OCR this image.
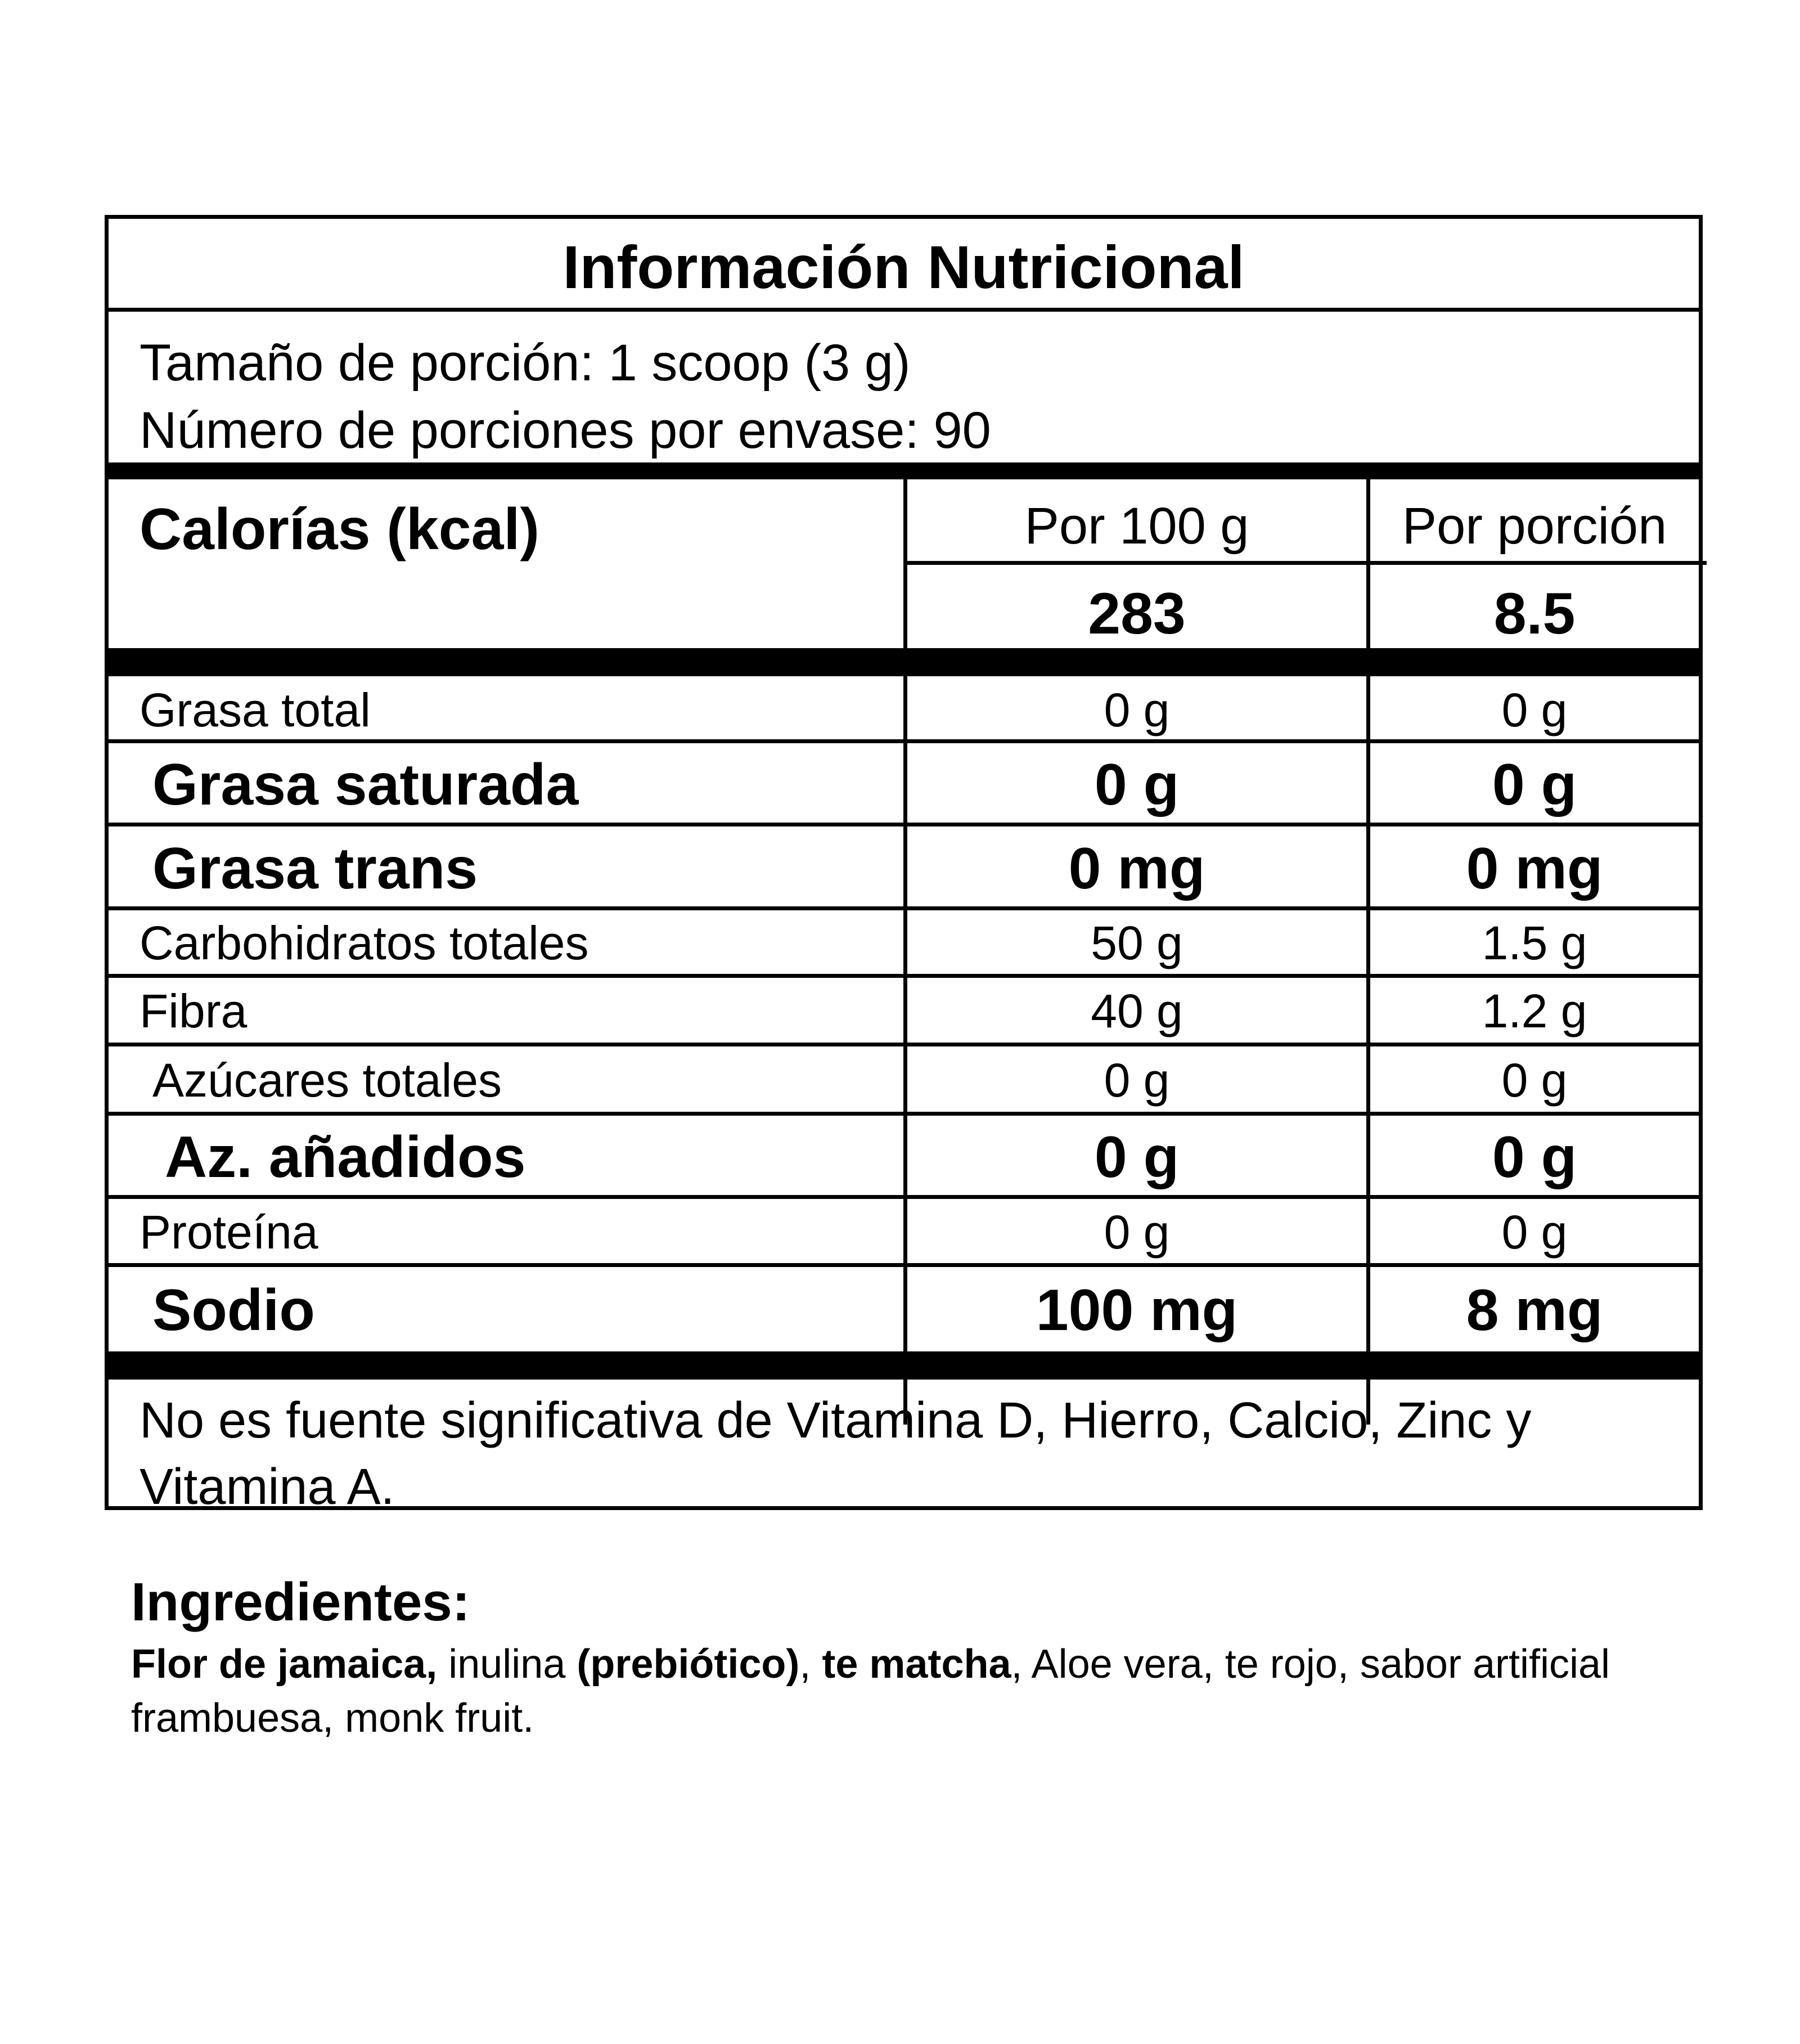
Información Nutricional
Tamaño de porción: 1 scoop (3 g)
Número de porciones por envase: 90
Calorías (kcal)	Por 100 g	Por porción
283	8.5
Grasa total	0 g	0 g
Grasa saturada	0 g	0 g
Grasa trans	0 mg	0 mg
Carbohidratos totales	50 g	1.5 g
Fibra	40 g	1.2 g
Azúcares totales	0 g	0 g
Az. añadidos	0 g	0 g
Proteína	0 g	0 g
Sodio	100 mg	8 mg
No es fuente significativa de Vitamina D, Hierro, Calcio, Zinc y Vitamina A.
Ingredientes:
Flor de jamaica, inulina (prebiótico), te matcha, Aloe vera, te rojo, sabor artificial frambuesa, monk fruit.
